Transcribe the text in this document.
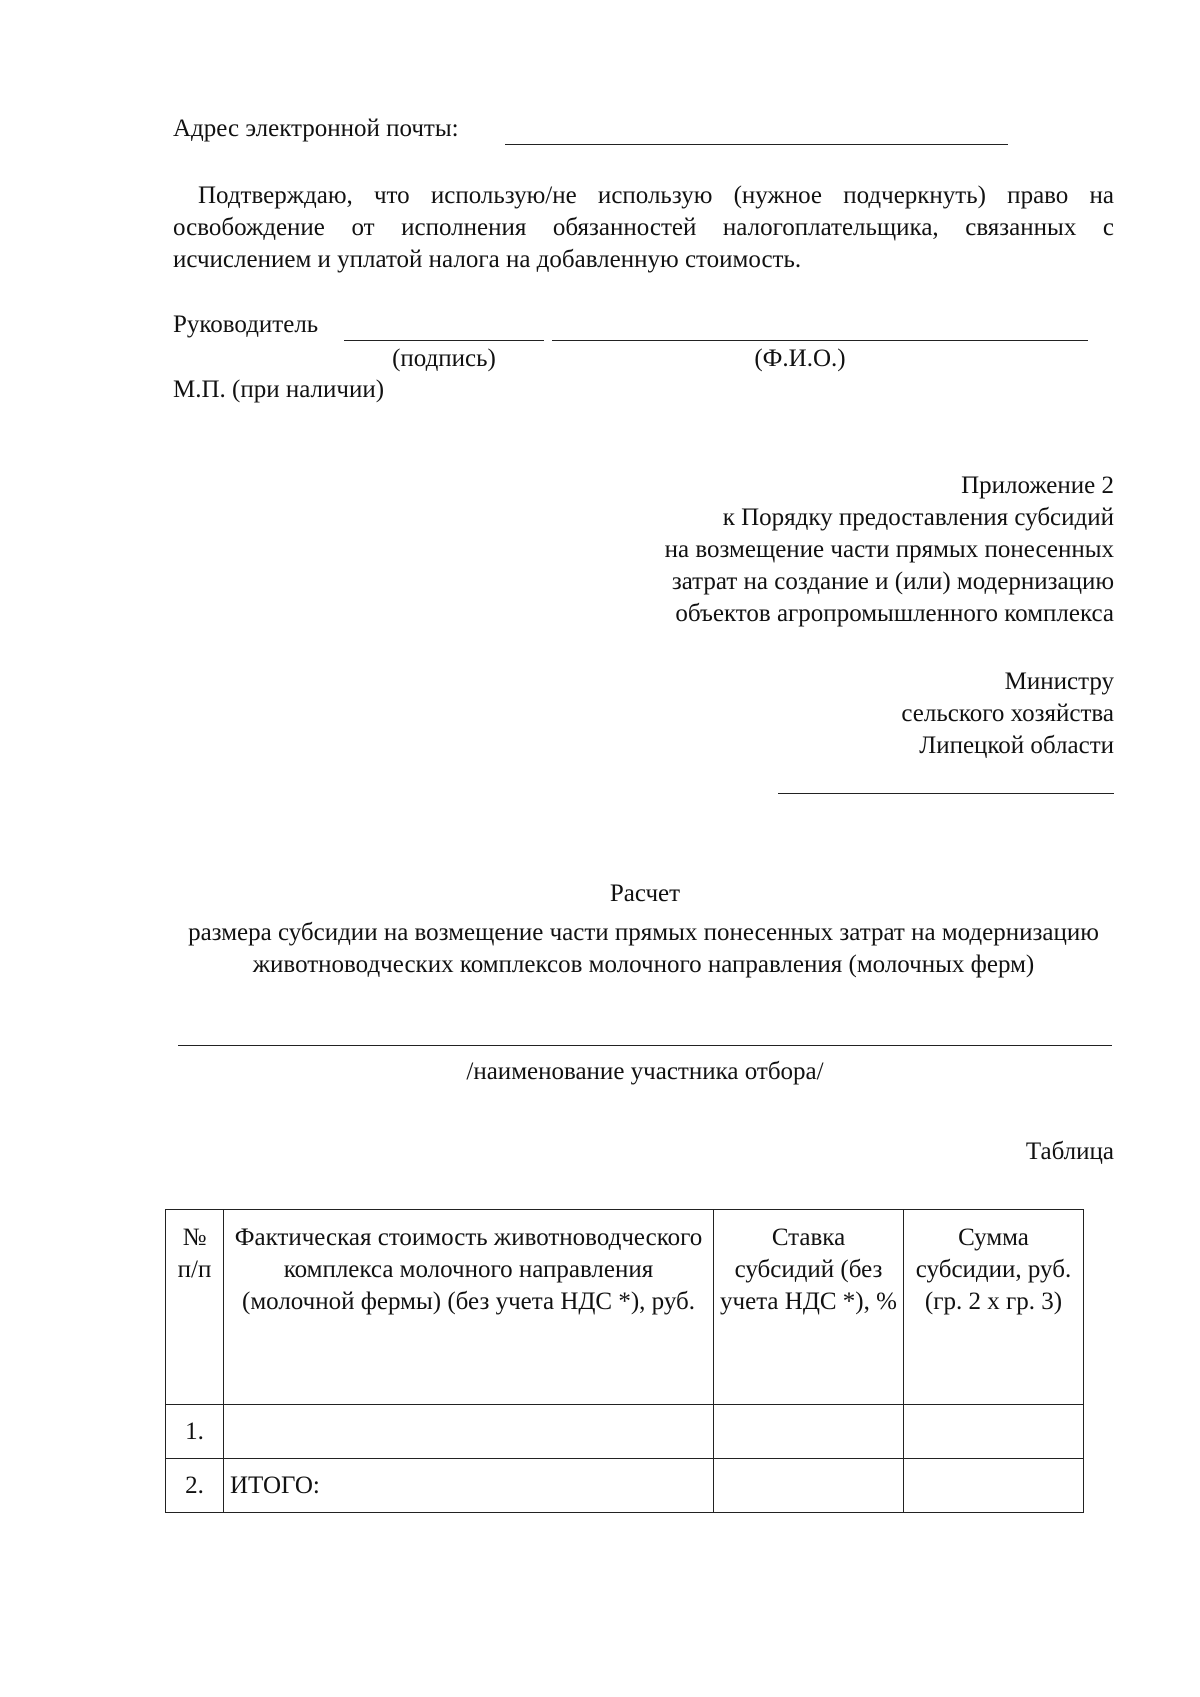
Адрес электронной почты:
Подтверждаю, что использую/не использую (нужное подчеркнуть) право на освобождение от исполнения обязанностей налогоплательщика, связанных с исчислением и уплатой налога на добавленную стоимость.
Руководитель
(подпись)	(Ф.И.О.)
М.П. (при наличии)
Приложение 2
к Порядку предоставления субсидий
на возмещение части прямых понесенных
затрат на создание и (или) модернизацию
объектов агропромышленного комплекса
Министру
сельского хозяйства
Липецкой области
Расчет
размера субсидии на возмещение части прямых понесенных затрат на модернизацию животноводческих комплексов молочного направления (молочных ферм)
/наименование участника отбора/
Таблица
№ п/п	Фактическая стоимость животноводческого комплекса молочного направления (молочной фермы) (без учета НДС *), руб.	Ставка субсидий (без учета НДС *), %	Сумма субсидии, руб. (гр. 2 x гр. 3)
1.			
2.	ИТОГО:		
